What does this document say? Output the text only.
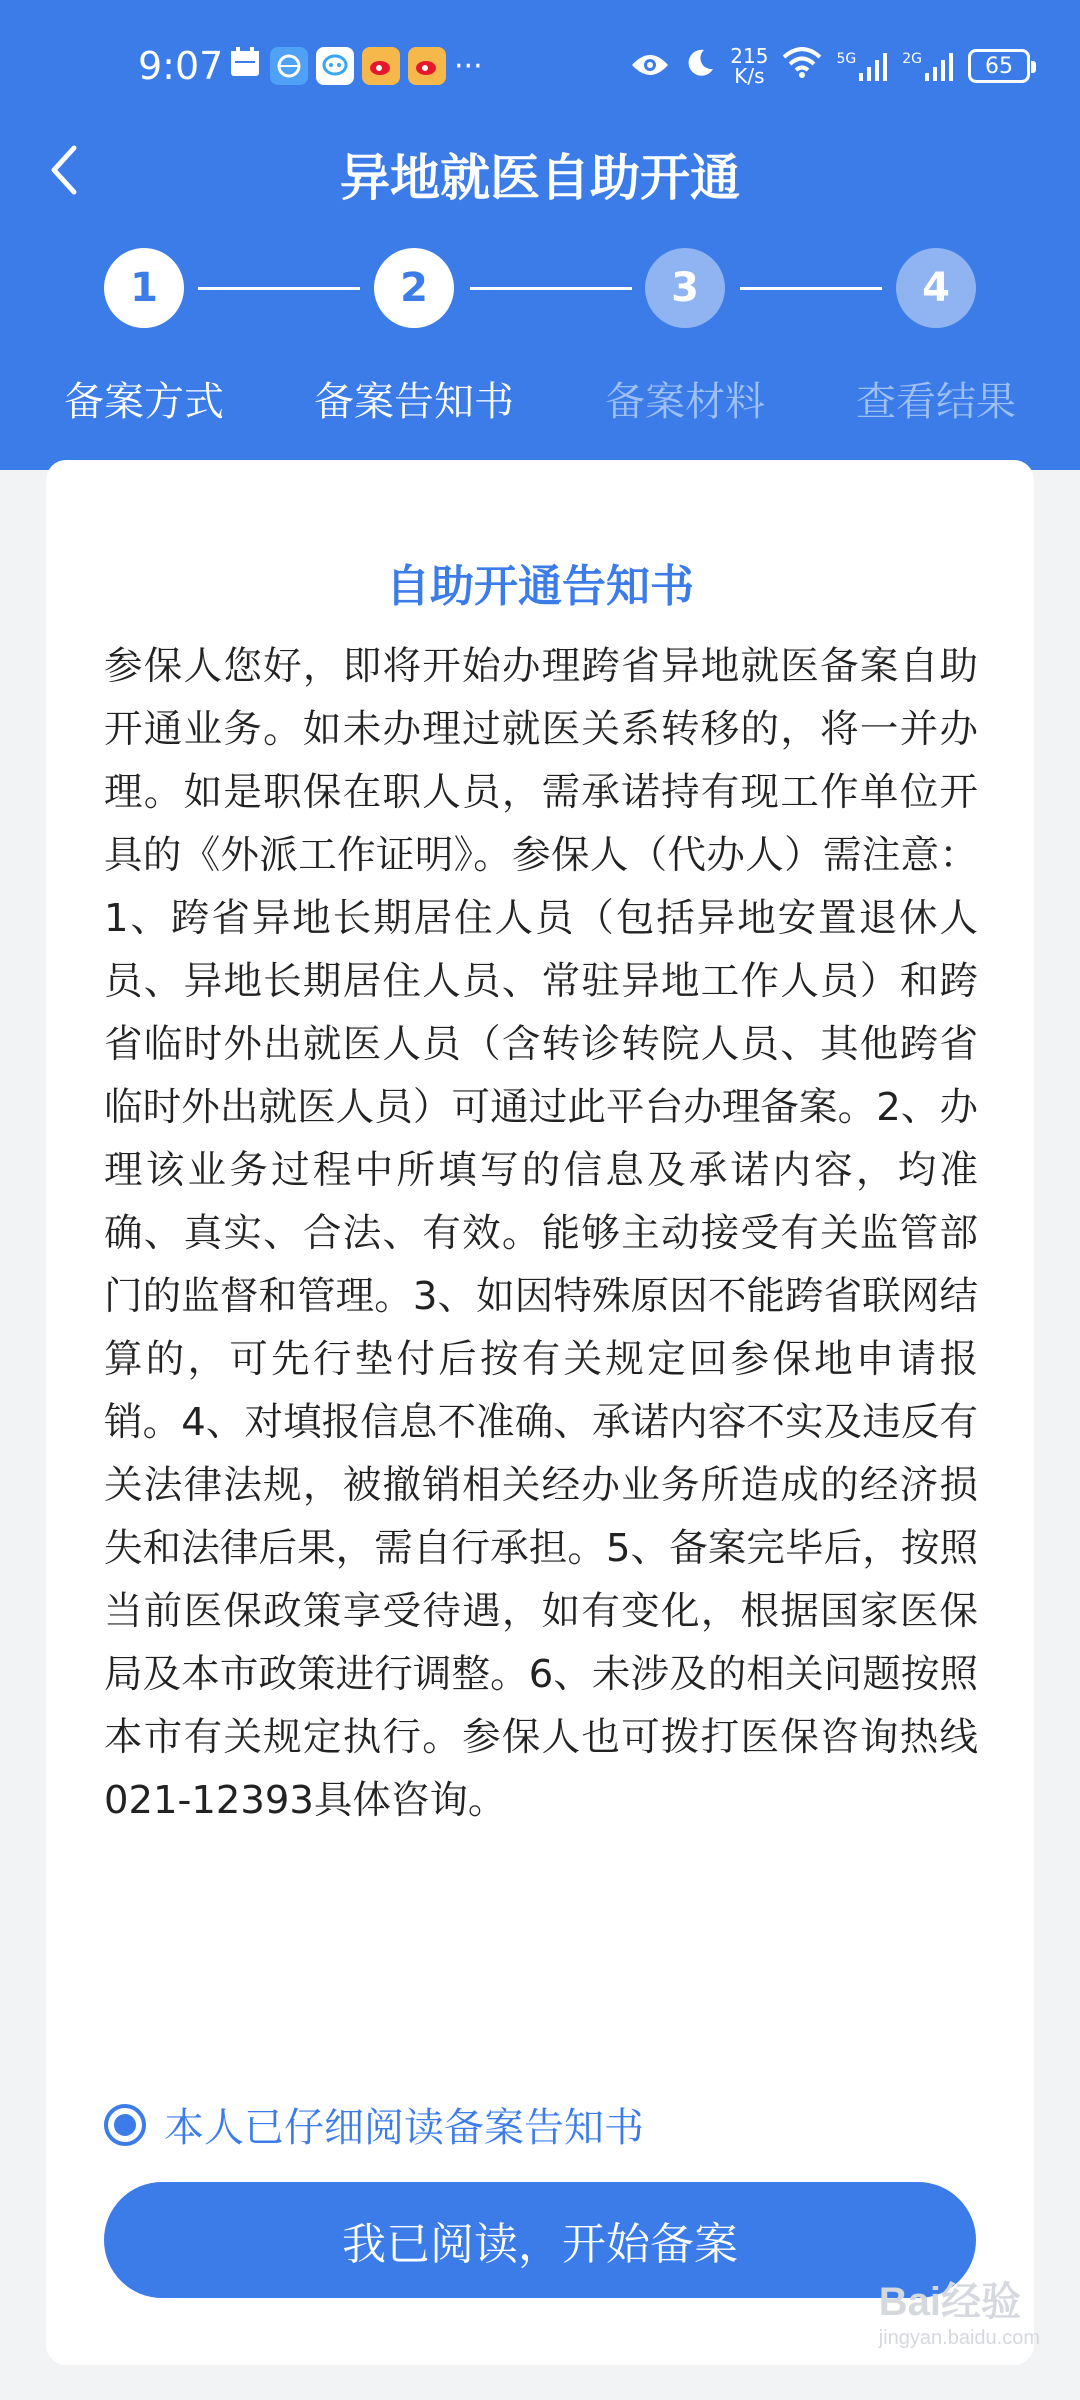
9:07	···	215
K/s
5G	2G	65
异地就医自助开通
1	2	3	4
备案方式	备案告知书	备案材料	查看结果
自助开通告知书
参保人您好，即将开始办理跨省异地就医备案自助开通业务。如未办理过就医关系转移的，将一并办理。如是职保在职人员，需承诺持有现工作单位开具的《外派工作证明》。参保人（代办人）需注意：1、跨省异地长期居住人员（包括异地安置退休人员、异地长期居住人员、常驻异地工作人员）和跨省临时外出就医人员（含转诊转院人员、其他跨省临时外出就医人员）可通过此平台办理备案。2、办理该业务过程中所填写的信息及承诺内容，均准确、真实、合法、有效。能够主动接受有关监管部门的监督和管理。3、如因特殊原因不能跨省联网结算的，可先行垫付后按有关规定回参保地申请报销。4、对填报信息不准确、承诺内容不实及违反有关法律法规，被撤销相关经办业务所造成的经济损失和法律后果，需自行承担。5、备案完毕后，按照当前医保政策享受待遇，如有变化，根据国家医保局及本市政策进行调整。6、未涉及的相关问题按照本市有关规定执行。参保人也可拨打医保咨询热线021-12393具体咨询。
本人已仔细阅读备案告知书
我已阅读，开始备案
Bai经验
jingyan.baidu.com
